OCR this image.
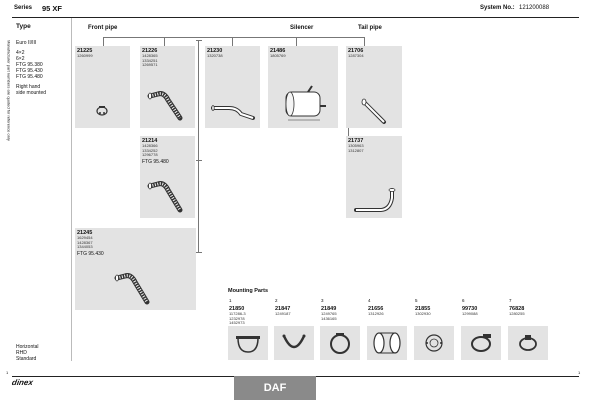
Series 95 XF	System No.: 121200088
Manufacturer part numbers are quoted for reference only
Type
Euro II/III
4×2
6×2
FTG 95.380
FTG 95.430
FTG 95.480
Right hand
side mounted
Horizontal
RHD
Standard
Front pipe	Silencer	Tail pipe
21225
1260999
21226
1428365
1334251
1269571
21230
1320738
21486
1805769
21706
1287304
21214
1428366
1334252
1296778
FTG 95.480
21737
1305963
1312807
21245
1629454
1428367
1344053
FTG 95.430
Mounting Parts
1
21850
117286-3
1232978
1452973
2
21847
1249187
3
21849
1249765
1436165
4
21656
1312926
5
21855
1302930
6
99730
1299088
7
76828
1280255
1	1
dinex	DAF
